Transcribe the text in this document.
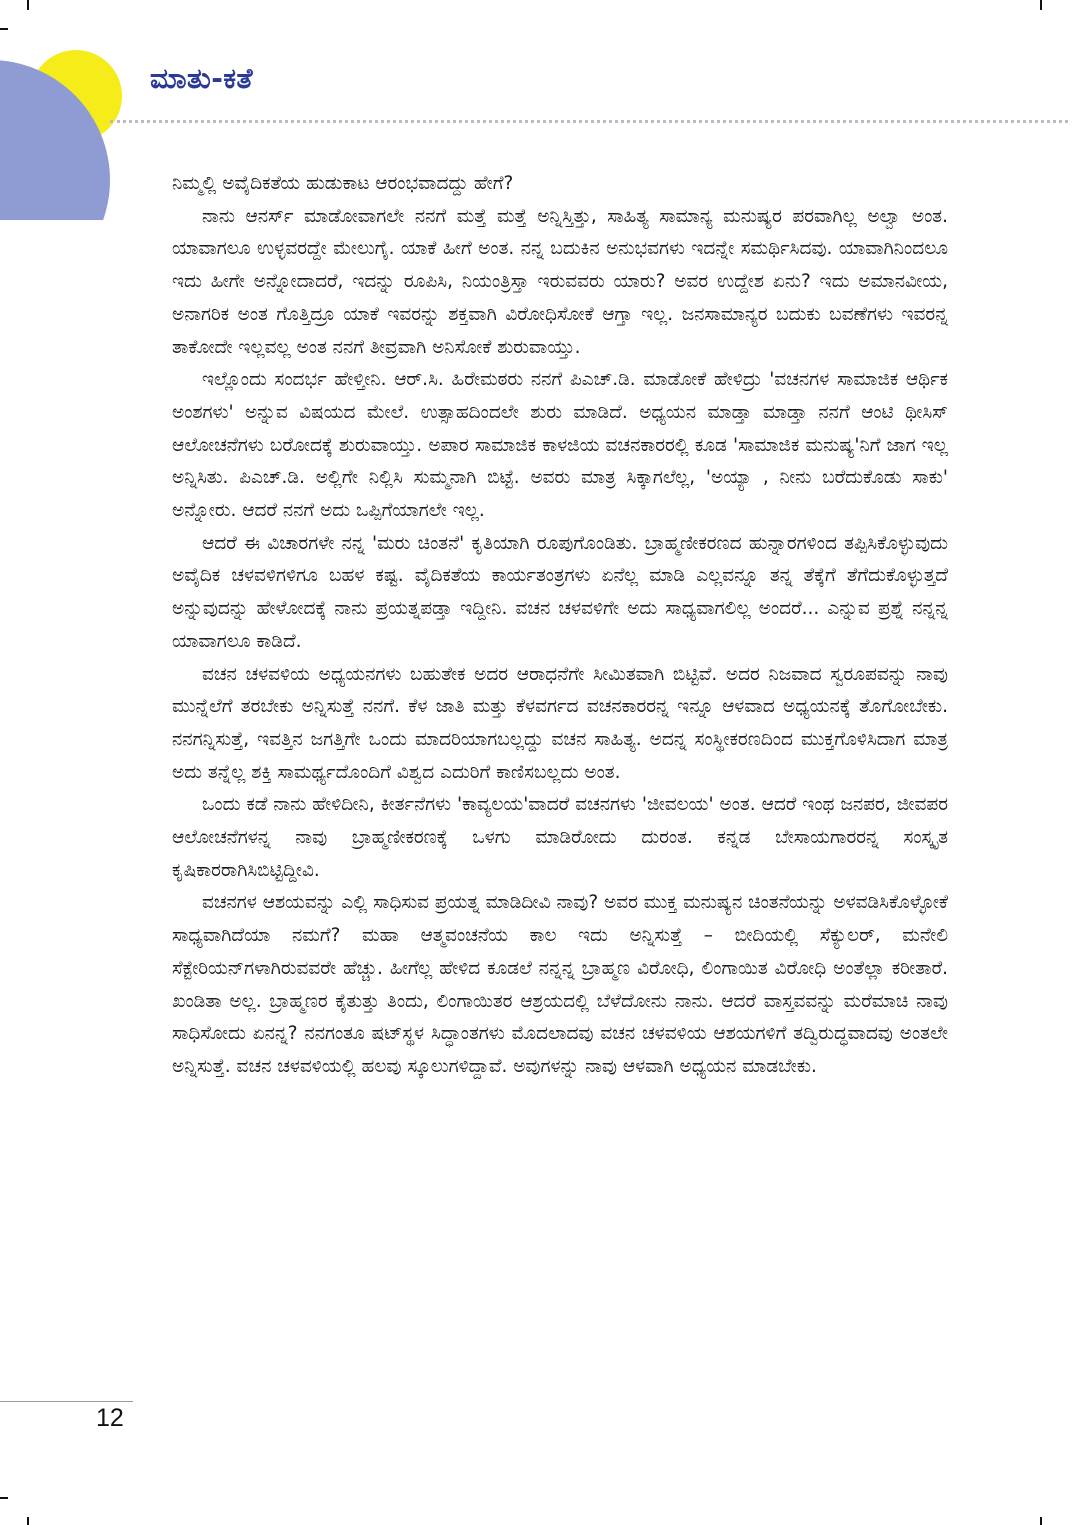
ಮಾತು-ಕತೆ

ನಿಮ್ಮಲ್ಲಿ ಅವೈದಿಕತೆಯ ಹುಡುಕಾಟ ಆರಂಭವಾದದ್ದು ಹೇಗೆ?

ನಾನು ಆನರ್ಸ್ ಮಾಡೋವಾಗಲೇ ನನಗೆ ಮತ್ತೆ ಮತ್ತೆ ಅನ್ನಿಸ್ತಿತ್ತು, ಸಾಹಿತ್ಯ ಸಾಮಾನ್ಯ ಮನುಷ್ಯರ ಪರವಾಗಿಲ್ಲ ಅಲ್ವಾ ಅಂತ. ಯಾವಾಗಲೂ ಉಳ್ಳವರದ್ದೇ ಮೇಲುಗೈ. ಯಾಕೆ ಹೀಗೆ ಅಂತ. ನನ್ನ ಬದುಕಿನ ಅನುಭವಗಳು ಇದನ್ನೇ ಸಮರ್ಥಿಸಿದವು. ಯಾವಾಗಿನಿಂದಲೂ ಇದು ಹೀಗೇ ಅನ್ನೋದಾದರೆ, ಇದನ್ನು ರೂಪಿಸಿ, ನಿಯಂತ್ರಿಸ್ತಾ ಇರುವವರು ಯಾರು? ಅವರ ಉದ್ದೇಶ ಏನು? ಇದು ಅಮಾನವೀಯ, ಅನಾಗರಿಕ ಅಂತ ಗೊತ್ತಿದ್ರೂ ಯಾಕೆ ಇವರನ್ನು ಶಕ್ತವಾಗಿ ವಿರೋಧಿಸೋಕೆ ಆಗ್ತಾ ಇಲ್ಲ. ಜನಸಾಮಾನ್ಯರ ಬದುಕು ಬವಣೆಗಳು ಇವರನ್ನ ತಾಕೋದೇ ಇಲ್ಲವಲ್ಲ ಅಂತ ನನಗೆ ತೀವ್ರವಾಗಿ ಅನಿಸೋಕೆ ಶುರುವಾಯ್ತು.

ಇಲ್ಲೊಂದು ಸಂದರ್ಭ ಹೇಳ್ತೀನಿ. ಆರ್.ಸಿ. ಹಿರೇಮಠರು ನನಗೆ ಪಿಎಚ್.ಡಿ. ಮಾಡೋಕೆ ಹೇಳಿದ್ರು 'ವಚನಗಳ ಸಾಮಾಜಿಕ ಆರ್ಥಿಕ ಅಂಶಗಳು' ಅನ್ನುವ ವಿಷಯದ ಮೇಲೆ. ಉತ್ಸಾಹದಿಂದಲೇ ಶುರು ಮಾಡಿದೆ. ಅಧ್ಯಯನ ಮಾಡ್ತಾ ಮಾಡ್ತಾ ನನಗೆ ಆಂಟಿ ಥೀಸಿಸ್ ಆಲೋಚನೆಗಳು ಬರೋದಕ್ಕೆ ಶುರುವಾಯ್ತು. ಅಪಾರ ಸಾಮಾಜಿಕ ಕಾಳಜಿಯ ವಚನಕಾರರಲ್ಲಿ ಕೂಡ 'ಸಾಮಾಜಿಕ ಮನುಷ್ಯ'ನಿಗೆ ಜಾಗ ಇಲ್ಲ ಅನ್ನಿಸಿತು. ಪಿಎಚ್.ಡಿ. ಅಲ್ಲಿಗೇ ನಿಲ್ಲಿಸಿ ಸುಮ್ಮನಾಗಿ ಬಿಟ್ಟೆ. ಅವರು ಮಾತ್ರ ಸಿಕ್ಕಾಗಲೆಲ್ಲ, 'ಅಯ್ಯಾ , ನೀನು ಬರೆದುಕೊಡು ಸಾಕು' ಅನ್ನೋರು. ಆದರೆ ನನಗೆ ಅದು ಒಪ್ಪಿಗೆಯಾಗಲೇ ಇಲ್ಲ.

ಆದರೆ ಈ ವಿಚಾರಗಳೇ ನನ್ನ 'ಮರು ಚಿಂತನೆ' ಕೃತಿಯಾಗಿ ರೂಪುಗೊಂಡಿತು. ಬ್ರಾಹ್ಮಣೀಕರಣದ ಹುನ್ನಾರಗಳಿಂದ ತಪ್ಪಿಸಿಕೊಳ್ಳುವುದು ಅವೈದಿಕ ಚಳವಳಿಗಳಿಗೂ ಬಹಳ ಕಷ್ಟ. ವೈದಿಕತೆಯ ಕಾರ್ಯತಂತ್ರಗಳು ಏನೆಲ್ಲ ಮಾಡಿ ಎಲ್ಲವನ್ನೂ ತನ್ನ ತೆಕ್ಕೆಗೆ ತೆಗೆದುಕೊಳ್ಳುತ್ತದೆ ಅನ್ನುವುದನ್ನು ಹೇಳೋದಕ್ಕೆ ನಾನು ಪ್ರಯತ್ನಪಡ್ತಾ ಇದ್ದೀನಿ. ವಚನ ಚಳವಳಿಗೇ ಅದು ಸಾಧ್ಯವಾಗಲಿಲ್ಲ ಅಂದರೆ... ಎನ್ನುವ ಪ್ರಶ್ನೆ ನನ್ನನ್ನ ಯಾವಾಗಲೂ ಕಾಡಿದೆ.

ವಚನ ಚಳವಳಿಯ ಅಧ್ಯಯನಗಳು ಬಹುತೇಕ ಅದರ ಆರಾಧನೆಗೇ ಸೀಮಿತವಾಗಿ ಬಿಟ್ಟಿವೆ. ಅದರ ನಿಜವಾದ ಸ್ವರೂಪವನ್ನು ನಾವು ಮುನ್ನೆಲೆಗೆ ತರಬೇಕು ಅನ್ನಿಸುತ್ತೆ ನನಗೆ. ಕೆಳ ಜಾತಿ ಮತ್ತು ಕೆಳವರ್ಗದ ವಚನಕಾರರನ್ನ ಇನ್ನೂ ಆಳವಾದ ಅಧ್ಯಯನಕ್ಕೆ ತೊಗೋಬೇಕು. ನನಗನ್ನಿಸುತ್ತೆ, ಇವತ್ತಿನ ಜಗತ್ತಿಗೇ ಒಂದು ಮಾದರಿಯಾಗಬಲ್ಲದ್ದು ವಚನ ಸಾಹಿತ್ಯ. ಅದನ್ನ ಸಂಸ್ಥೀಕರಣದಿಂದ ಮುಕ್ತಗೊಳಿಸಿದಾಗ ಮಾತ್ರ ಅದು ತನ್ನೆಲ್ಲ ಶಕ್ತಿ ಸಾಮರ್ಥ್ಯದೊಂದಿಗೆ ವಿಶ್ವದ ಎದುರಿಗೆ ಕಾಣಿಸಬಲ್ಲದು ಅಂತ.

ಒಂದು ಕಡೆ ನಾನು ಹೇಳಿದೀನಿ, ಕೀರ್ತನೆಗಳು 'ಕಾವ್ಯಲಯ'ವಾದರೆ ವಚನಗಳು 'ಜೀವಲಯ' ಅಂತ. ಆದರೆ ಇಂಥ ಜನಪರ, ಜೀವಪರ ಆಲೋಚನೆಗಳನ್ನ ನಾವು ಬ್ರಾಹ್ಮಣೀಕರಣಕ್ಕೆ ಒಳಗು ಮಾಡಿರೋದು ದುರಂತ. ಕನ್ನಡ ಬೇಸಾಯಗಾರರನ್ನ ಸಂಸ್ಕೃತ ಕೃಷಿಕಾರರಾಗಿಸಿಬಿಟ್ಟಿದ್ದೀವಿ.

ವಚನಗಳ ಆಶಯವನ್ನು ಎಲ್ಲಿ ಸಾಧಿಸುವ ಪ್ರಯತ್ನ ಮಾಡಿದೀವಿ ನಾವು? ಅವರ ಮುಕ್ತ ಮನುಷ್ಯನ ಚಿಂತನೆಯನ್ನು ಅಳವಡಿಸಿಕೊಳ್ಳೋಕೆ ಸಾಧ್ಯವಾಗಿದೆಯಾ ನಮಗೆ? ಮಹಾ ಆತ್ಮವಂಚನೆಯ ಕಾಲ ಇದು ಅನ್ನಿಸುತ್ತೆ – ಬೀದಿಯಲ್ಲಿ ಸೆಕ್ಯುಲರ್, ಮನೇಲಿ ಸೆಕ್ಟೇರಿಯನ್‌ಗಳಾಗಿರುವವರೇ ಹೆಚ್ಚು. ಹೀಗೆಲ್ಲ ಹೇಳಿದ ಕೂಡಲೆ ನನ್ನನ್ನ ಬ್ರಾಹ್ಮಣ ವಿರೋಧಿ, ಲಿಂಗಾಯಿತ ವಿರೋಧಿ ಅಂತೆಲ್ಲಾ ಕರೀತಾರೆ. ಖಂಡಿತಾ ಅಲ್ಲ. ಬ್ರಾಹ್ಮಣರ ಕೈತುತ್ತು ತಿಂದು, ಲಿಂಗಾಯಿತರ ಆಶ್ರಯದಲ್ಲಿ ಬೆಳೆದೋನು ನಾನು. ಆದರೆ ವಾಸ್ತವವನ್ನು ಮರೆಮಾಚಿ ನಾವು ಸಾಧಿಸೋದು ಏನನ್ನ? ನನಗಂತೂ ಷಟ್‌ಸ್ಥಳ ಸಿದ್ಧಾಂತಗಳು ಮೊದಲಾದವು ವಚನ ಚಳವಳಿಯ ಆಶಯಗಳಿಗೆ ತದ್ವಿರುದ್ಧವಾದವು ಅಂತಲೇ ಅನ್ನಿಸುತ್ತೆ. ವಚನ ಚಳವಳಿಯಲ್ಲಿ ಹಲವು ಸ್ಕೂಲುಗಳಿದ್ದಾವೆ. ಅವುಗಳನ್ನು ನಾವು ಆಳವಾಗಿ ಅಧ್ಯಯನ ಮಾಡಬೇಕು.

12
